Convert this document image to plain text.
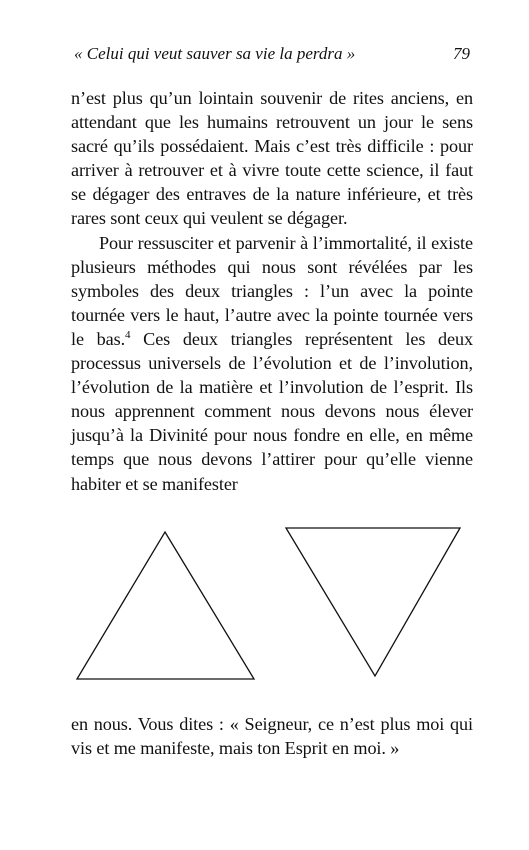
« Celui qui veut sauver sa vie la perdra »	79

n’est plus qu’un lointain souvenir de rites anciens, en attendant que les humains retrouvent un jour le sens sacré qu’ils possédaient. Mais c’est très difficile : pour arriver à retrouver et à vivre toute cette science, il faut se dégager des entraves de la nature inférieure, et très rares sont ceux qui veulent se dégager.

Pour ressusciter et parvenir à l’immortalité, il existe plusieurs méthodes qui nous sont révélées par les symboles des deux triangles : l’un avec la pointe tournée vers le haut, l’autre avec la pointe tournée vers le bas.$^4$ Ces deux triangles représentent les deux processus universels de l’évolution et de l’involution, l’évolution de la matière et l’involution de l’esprit. Ils nous apprennent comment nous devons nous élever jusqu’à la Divinité pour nous fondre en elle, en même temps que nous devons l’attirer pour qu’elle vienne habiter et se manifester

en nous. Vous dites : « Seigneur, ce n’est plus moi qui vis et me manifeste, mais ton Esprit en moi. »
